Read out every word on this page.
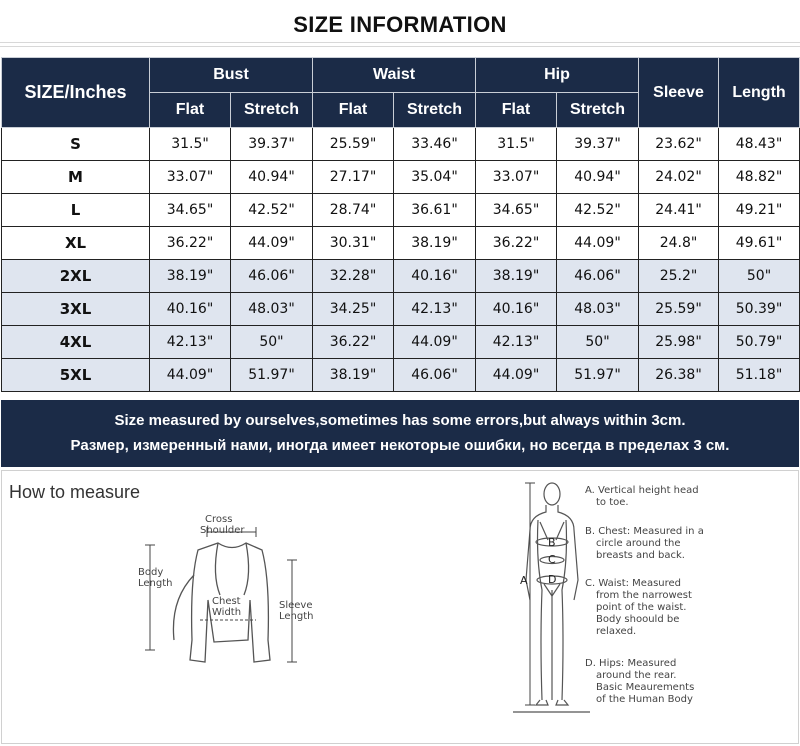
SIZE INFORMATION
SIZE/Inches	Bust		Waist		Hip		Sleeve	Length
	Flat	Stretch	Flat	Stretch	Flat	Stretch		
S	31.5"	39.37"	25.59"	33.46"	31.5"	39.37"	23.62"	48.43"
M	33.07"	40.94"	27.17"	35.04"	33.07"	40.94"	24.02"	48.82"
L	34.65"	42.52"	28.74"	36.61"	34.65"	42.52"	24.41"	49.21"
XL	36.22"	44.09"	30.31"	38.19"	36.22"	44.09"	24.8"	49.61"
2XL	38.19"	46.06"	32.28"	40.16"	38.19"	46.06"	25.2"	50"
3XL	40.16"	48.03"	34.25"	42.13"	40.16"	48.03"	25.59"	50.39"
4XL	42.13"	50"	36.22"	44.09"	42.13"	50"	25.98"	50.79"
5XL	44.09"	51.97"	38.19"	46.06"	44.09"	51.97"	26.38"	51.18"
Size measured by ourselves,sometimes has some errors,but always within 3cm.
Размер, измеренный нами, иногда имеет некоторые ошибки, но всегда в пределах 3 см.
How to measure
Cross
Shoulder
Body
Length
Chest
Width
Sleeve
Length
A
B
C
D
A. Vertical height head
to toe.
B. Chest: Measured in a
circle around the
breasts and back.
C. Waist: Measured
from the narrowest
point of the waist.
Body shoould be
relaxed.
D. Hips: Measured
around the rear.
Basic Meaurements
of the Human Body
